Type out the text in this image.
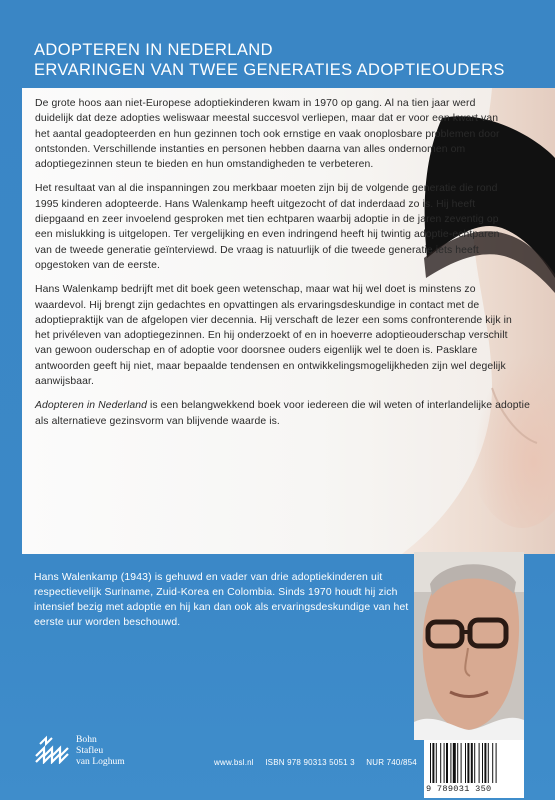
ADOPTEREN IN NEDERLAND
ERVARINGEN VAN TWEE GENERATIES ADOPTIEOUDERS

De grote hoos aan niet-Europese adoptiekinderen kwam in 1970 op gang. Al na tien jaar werd duidelijk dat deze adopties weliswaar meestal succesvol verliepen, maar dat er voor een kwart van het aantal geadopteerden en hun gezinnen toch ook ernstige en vaak onoplosbare problemen door ontstonden. Verschillende instanties en personen hebben daarna van alles ondernomen om adoptiegezinnen steun te bieden en hun omstandigheden te verbeteren.

Het resultaat van al die inspanningen zou merkbaar moeten zijn bij de volgende generatie die rond 1995 kinderen adopteerde. Hans Walenkamp heeft uitgezocht of dat inderdaad zo is. Hij heeft diepgaand en zeer invoelend gesproken met tien echtparen waarbij adoptie in de jaren zeventig op een mislukking is uitgelopen. Ter vergelijking en even indringend heeft hij twintig adoptie-echtparen van de tweede generatie geïnterviewd. De vraag is natuurlijk of die tweede generatie iets heeft opgestoken van de eerste.

Hans Walenkamp bedrijft met dit boek geen wetenschap, maar wat hij wel doet is minstens zo waardevol. Hij brengt zijn gedachtes en opvattingen als ervaringsdeskundige in contact met de adoptiepraktijk van de afgelopen vier decennia. Hij verschaft de lezer een soms confronterende kijk in het privéleven van adoptiegezinnen. En hij onderzoekt of en in hoeverre adoptieouderschap verschilt van gewoon ouderschap en of adoptie voor doorsnee ouders eigenlijk wel te doen is. Pasklare antwoorden geeft hij niet, maar bepaalde tendensen en ontwikkelingsmogelijkheden zijn wel degelijk aanwijsbaar.

Adopteren in Nederland is een belangwekkend boek voor iedereen die wil weten of interlandelijke adoptie als alternatieve gezinsvorm van blijvende waarde is.

Hans Walenkamp (1943) is gehuwd en vader van drie adoptiekinderen uit respectievelijk Suriname, Zuid-Korea en Colombia. Sinds 1970 houdt hij zich intensief bezig met adoptie en hij kan dan ook als ervaringsdeskundige van het eerste uur worden beschouwd.
Bohn
Stafleu
van Loghum	www.bsl.nl ISBN 978 90313 5051 3 NUR 740/854
9 789031 350
